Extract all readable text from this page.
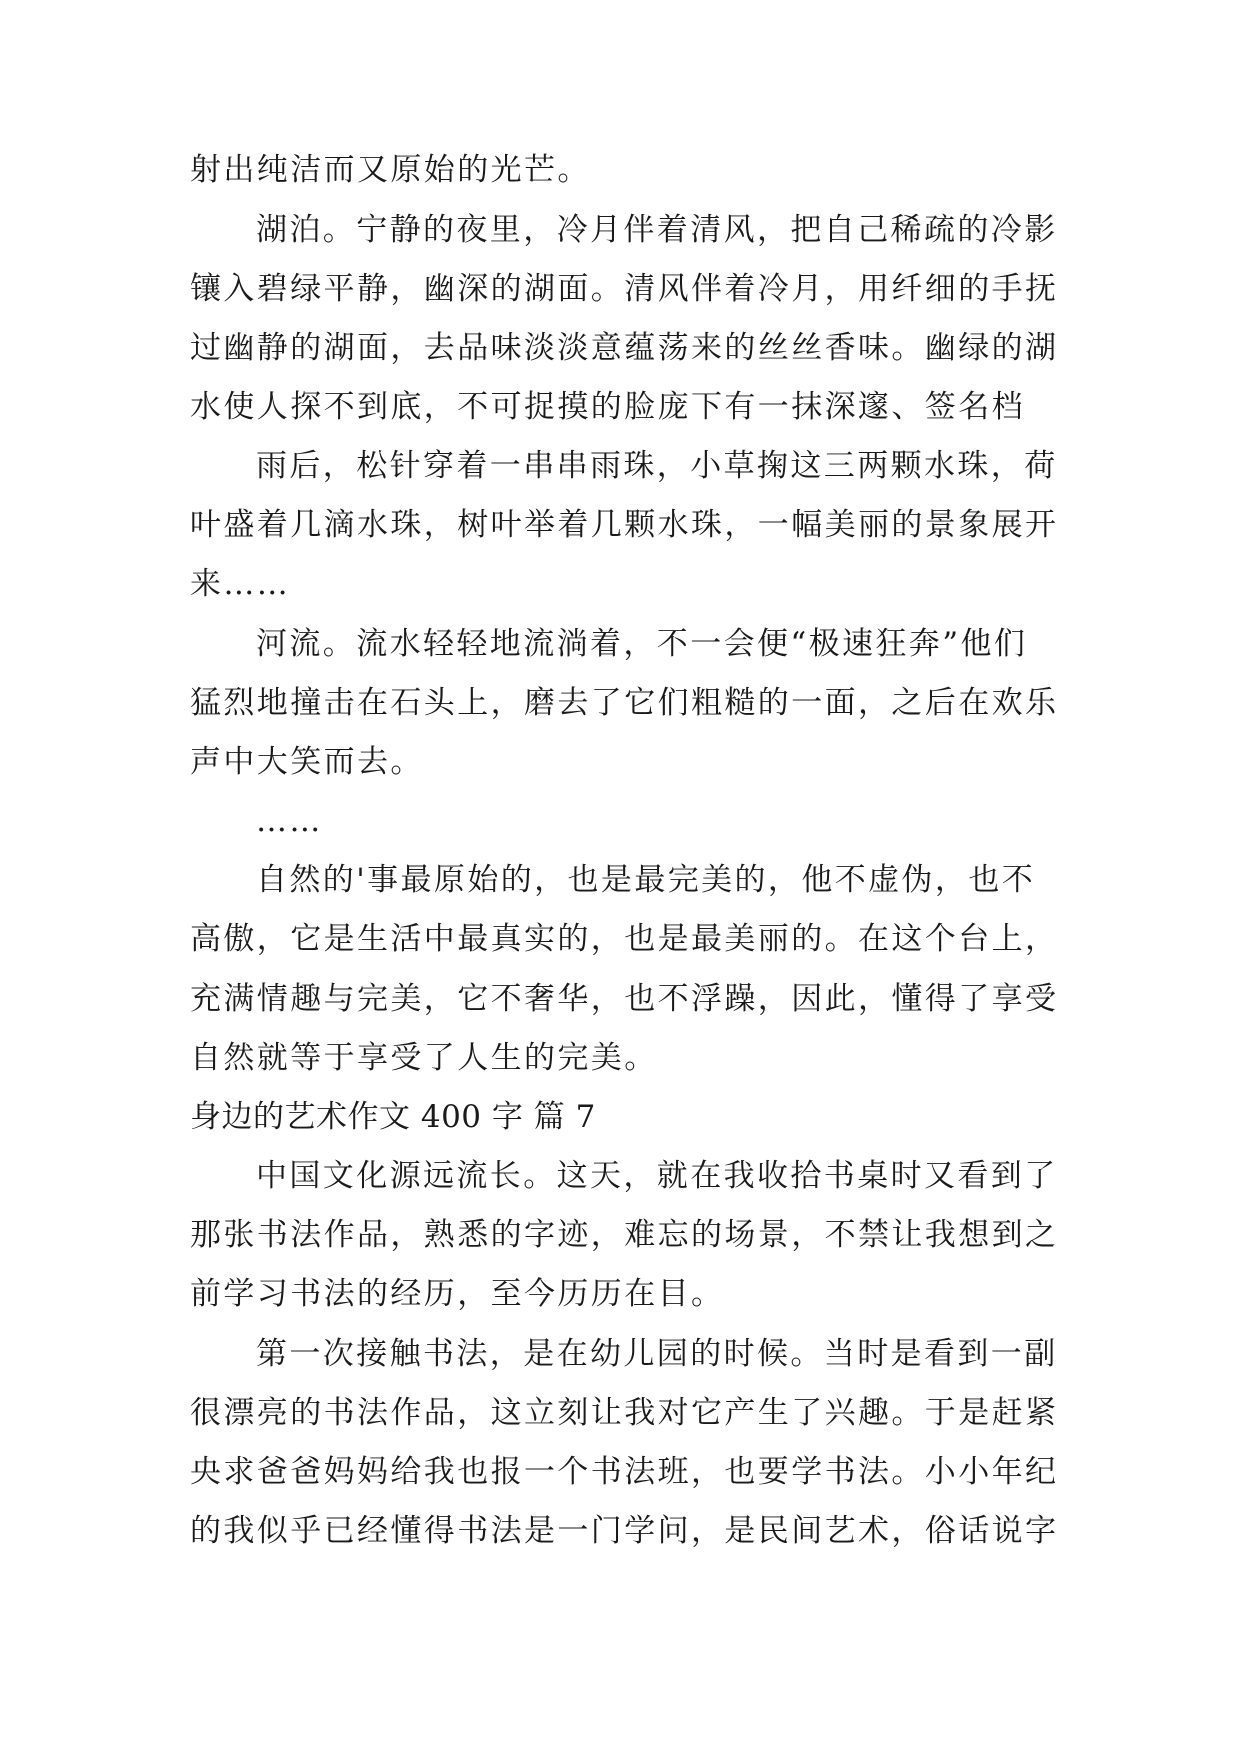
射出纯洁而又原始的光芒。
湖泊。宁静的夜里，冷月伴着清风，把自己稀疏的冷影
镶入碧绿平静，幽深的湖面。清风伴着冷月，用纤细的手抚
过幽静的湖面，去品味淡淡意蕴荡来的丝丝香味。幽绿的湖
水使人探不到底，不可捉摸的脸庞下有一抹深邃、签名档
雨后，松针穿着一串串雨珠，小草掬这三两颗水珠，荷
叶盛着几滴水珠，树叶举着几颗水珠，一幅美丽的景象展开
来……
河流。流水轻轻地流淌着，不一会便“极速狂奔”他们
猛烈地撞击在石头上，磨去了它们粗糙的一面，之后在欢乐
声中大笑而去。
……
自然的'事最原始的，也是最完美的，他不虚伪，也不
高傲，它是生活中最真实的，也是最美丽的。在这个台上，
充满情趣与完美，它不奢华，也不浮躁，因此，懂得了享受
自然就等于享受了人生的完美。
身边的艺术作文 400 字 篇 7
中国文化源远流长。这天，就在我收拾书桌时又看到了
那张书法作品，熟悉的字迹，难忘的场景，不禁让我想到之
前学习书法的经历，至今历历在目。
第一次接触书法，是在幼儿园的时候。当时是看到一副
很漂亮的书法作品，这立刻让我对它产生了兴趣。于是赶紧
央求爸爸妈妈给我也报一个书法班，也要学书法。小小年纪
的我似乎已经懂得书法是一门学问，是民间艺术，俗话说字
